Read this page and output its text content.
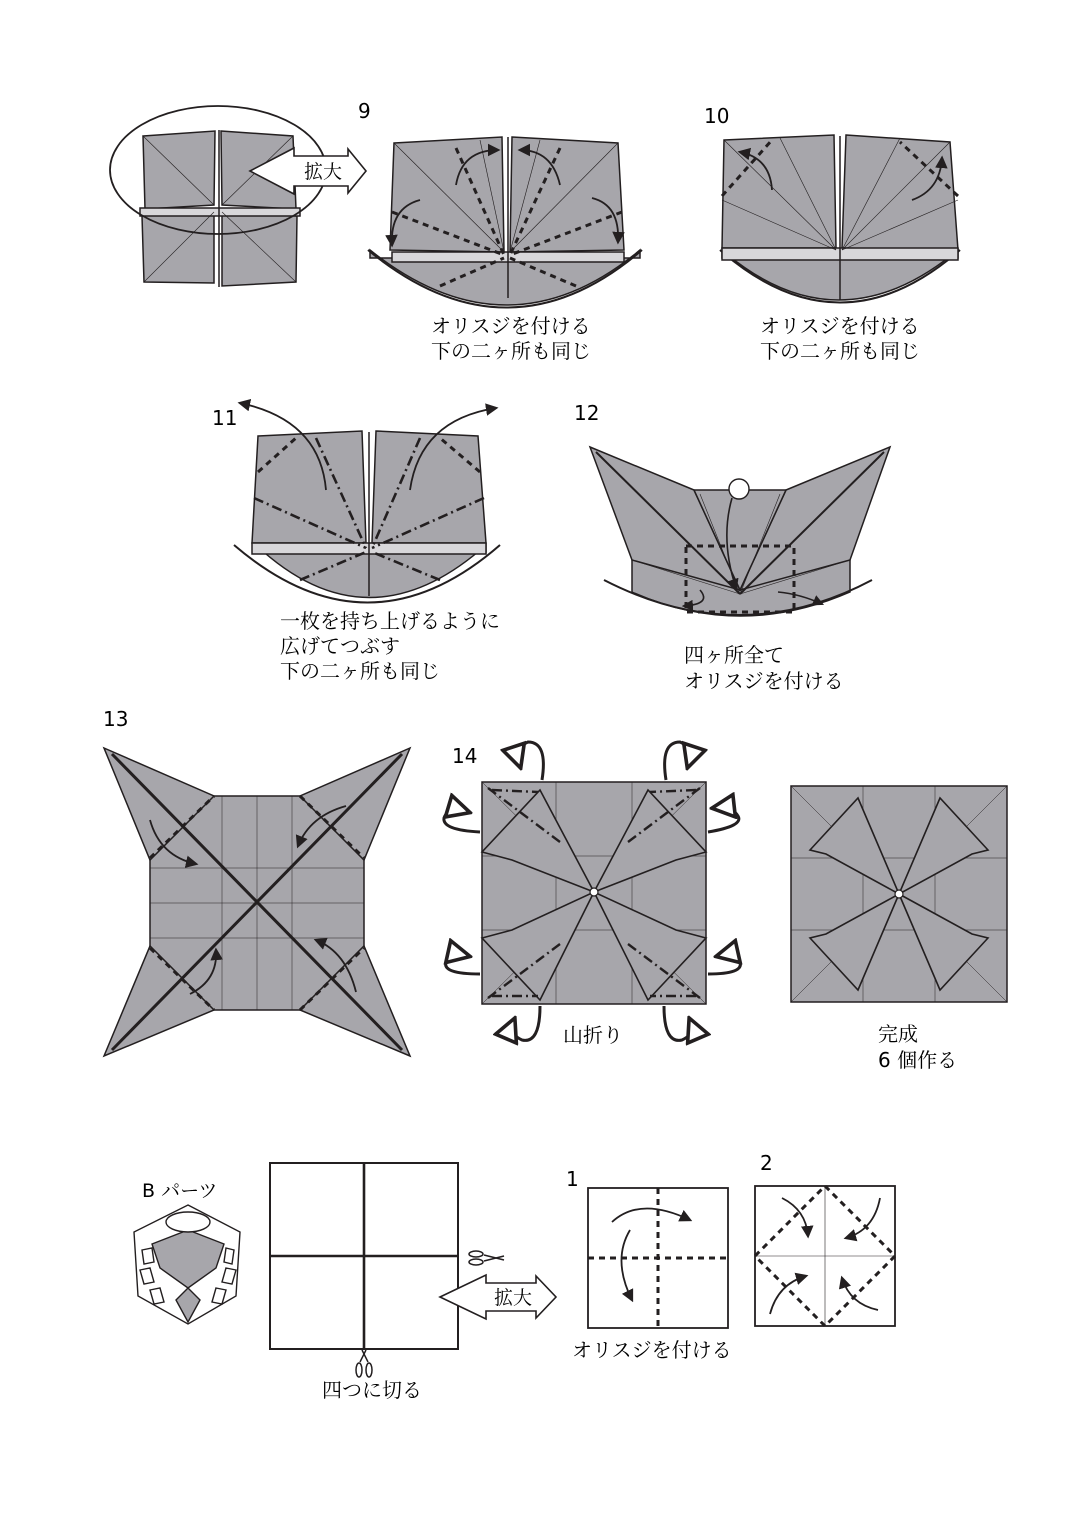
拡大
9
オリスジを付ける
下の二ヶ所も同じ
10
オリスジを付ける
下の二ヶ所も同じ
11
一枚を持ち上げるように
広げてつぶす
下の二ヶ所も同じ
12
四ヶ所全て
オリスジを付ける
13
14
山折り	完成
6 個作る
B パーツ
拡大
四つに切る
1
オリスジを付ける
2
